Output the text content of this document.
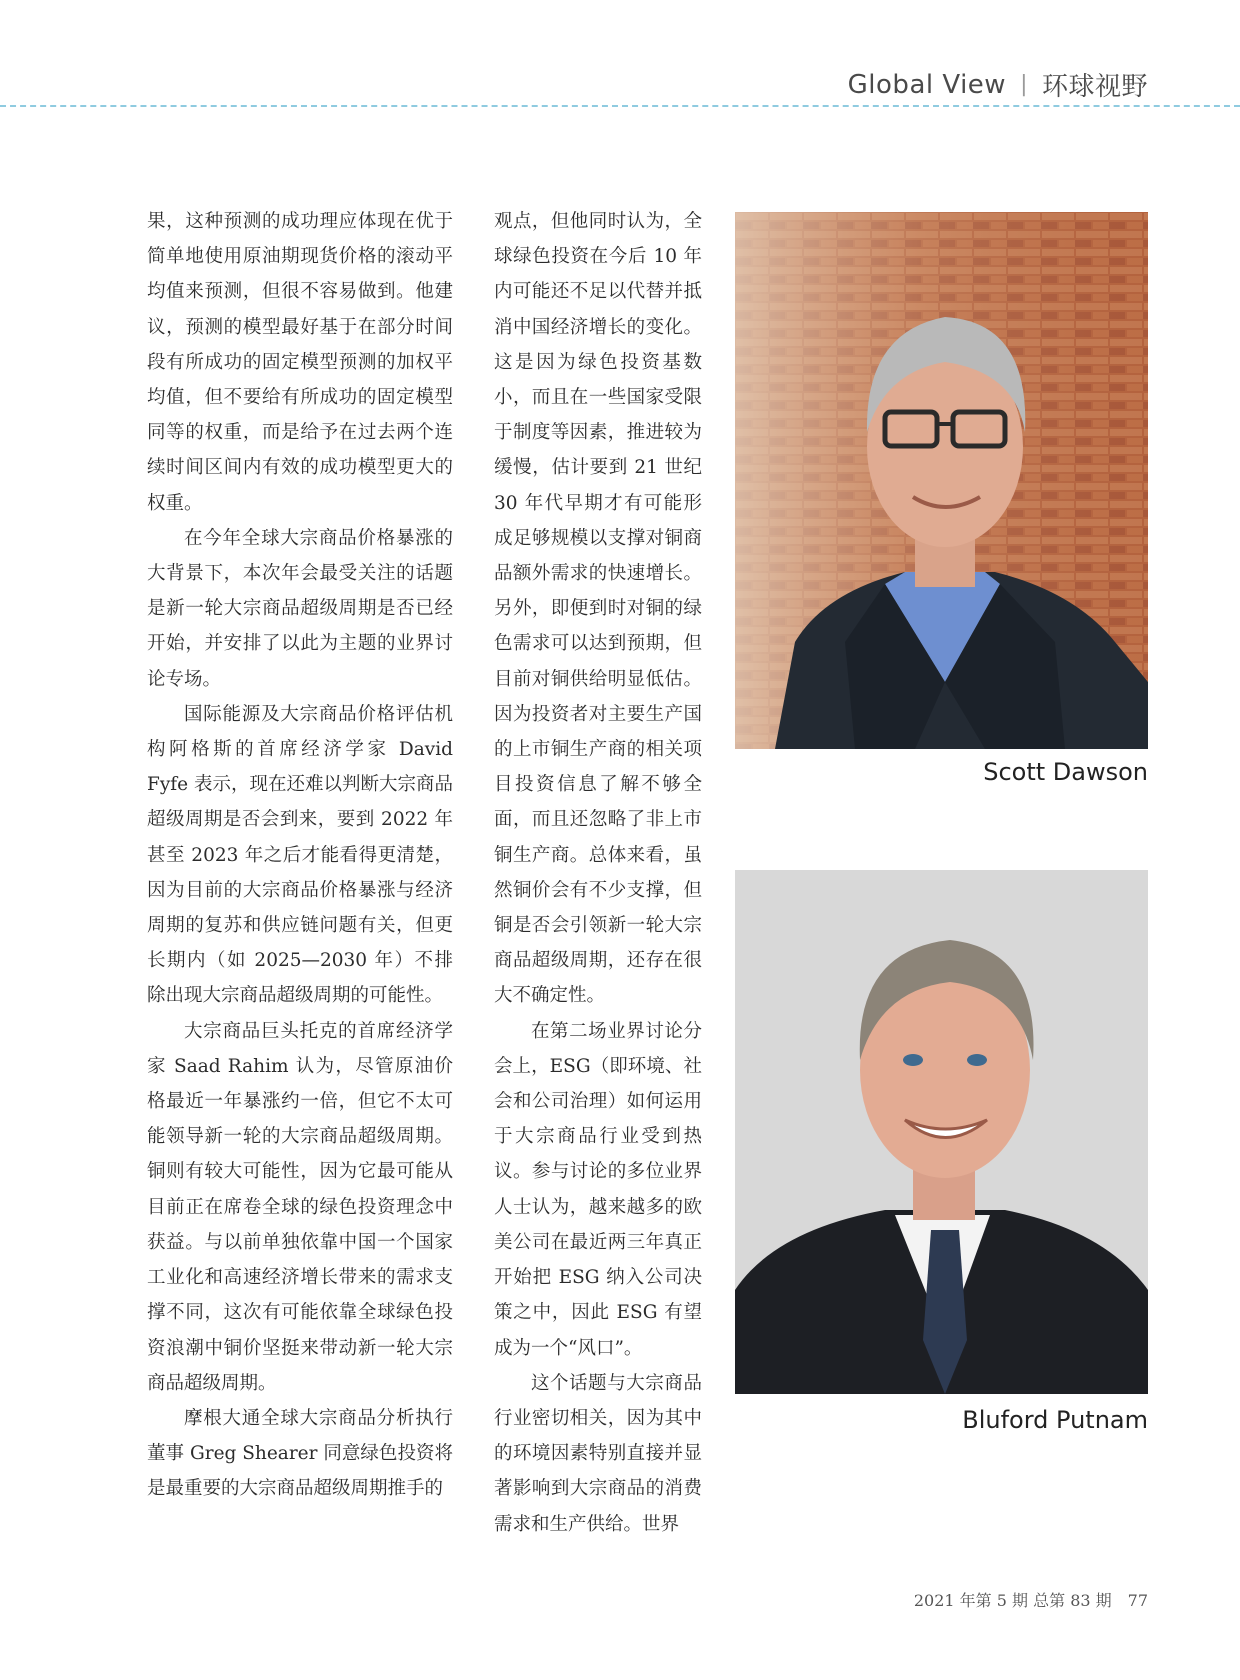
Global View | 环球视野

果，这种预测的成功理应体现在优于简单地使用原油期现货价格的滚动平均值来预测，但很不容易做到。他建议，预测的模型最好基于在部分时间段有所成功的固定模型预测的加权平均值，但不要给有所成功的固定模型同等的权重，而是给予在过去两个连续时间区间内有效的成功模型更大的权重。

在今年全球大宗商品价格暴涨的大背景下，本次年会最受关注的话题是新一轮大宗商品超级周期是否已经开始，并安排了以此为主题的业界讨论专场。

国际能源及大宗商品价格评估机构阿格斯的首席经济学家 David Fyfe 表示，现在还难以判断大宗商品超级周期是否会到来，要到 2022 年甚至 2023 年之后才能看得更清楚，因为目前的大宗商品价格暴涨与经济周期的复苏和供应链问题有关，但更长期内（如 2025—2030 年）不排除出现大宗商品超级周期的可能性。

大宗商品巨头托克的首席经济学家 Saad Rahim 认为，尽管原油价格最近一年暴涨约一倍，但它不太可能领导新一轮的大宗商品超级周期。铜则有较大可能性，因为它最可能从目前正在席卷全球的绿色投资理念中获益。与以前单独依靠中国一个国家工业化和高速经济增长带来的需求支撑不同，这次有可能依靠全球绿色投资浪潮中铜价坚挺来带动新一轮大宗商品超级周期。

摩根大通全球大宗商品分析执行董事 Greg Shearer 同意绿色投资将是最重要的大宗商品超级周期推手的

观点，但他同时认为，全球绿色投资在今后 10 年内可能还不足以代替并抵消中国经济增长的变化。这是因为绿色投资基数小，而且在一些国家受限于制度等因素，推进较为缓慢，估计要到 21 世纪 30 年代早期才有可能形成足够规模以支撑对铜商品额外需求的快速增长。另外，即便到时对铜的绿色需求可以达到预期，但目前对铜供给明显低估。因为投资者对主要生产国的上市铜生产商的相关项目投资信息了解不够全面，而且还忽略了非上市铜生产商。总体来看，虽然铜价会有不少支撑，但铜是否会引领新一轮大宗商品超级周期，还存在很大不确定性。

在第二场业界讨论分会上，ESG（即环境、社会和公司治理）如何运用于大宗商品行业受到热议。参与讨论的多位业界人士认为，越来越多的欧美公司在最近两三年真正开始把 ESG 纳入公司决策之中，因此 ESG 有望成为一个“风口”。

这个话题与大宗商品行业密切相关，因为其中的环境因素特别直接并显著影响到大宗商品的消费需求和生产供给。世界

Scott Dawson
Bluford Putnam
2021 年第 5 期 总第 83 期 77
